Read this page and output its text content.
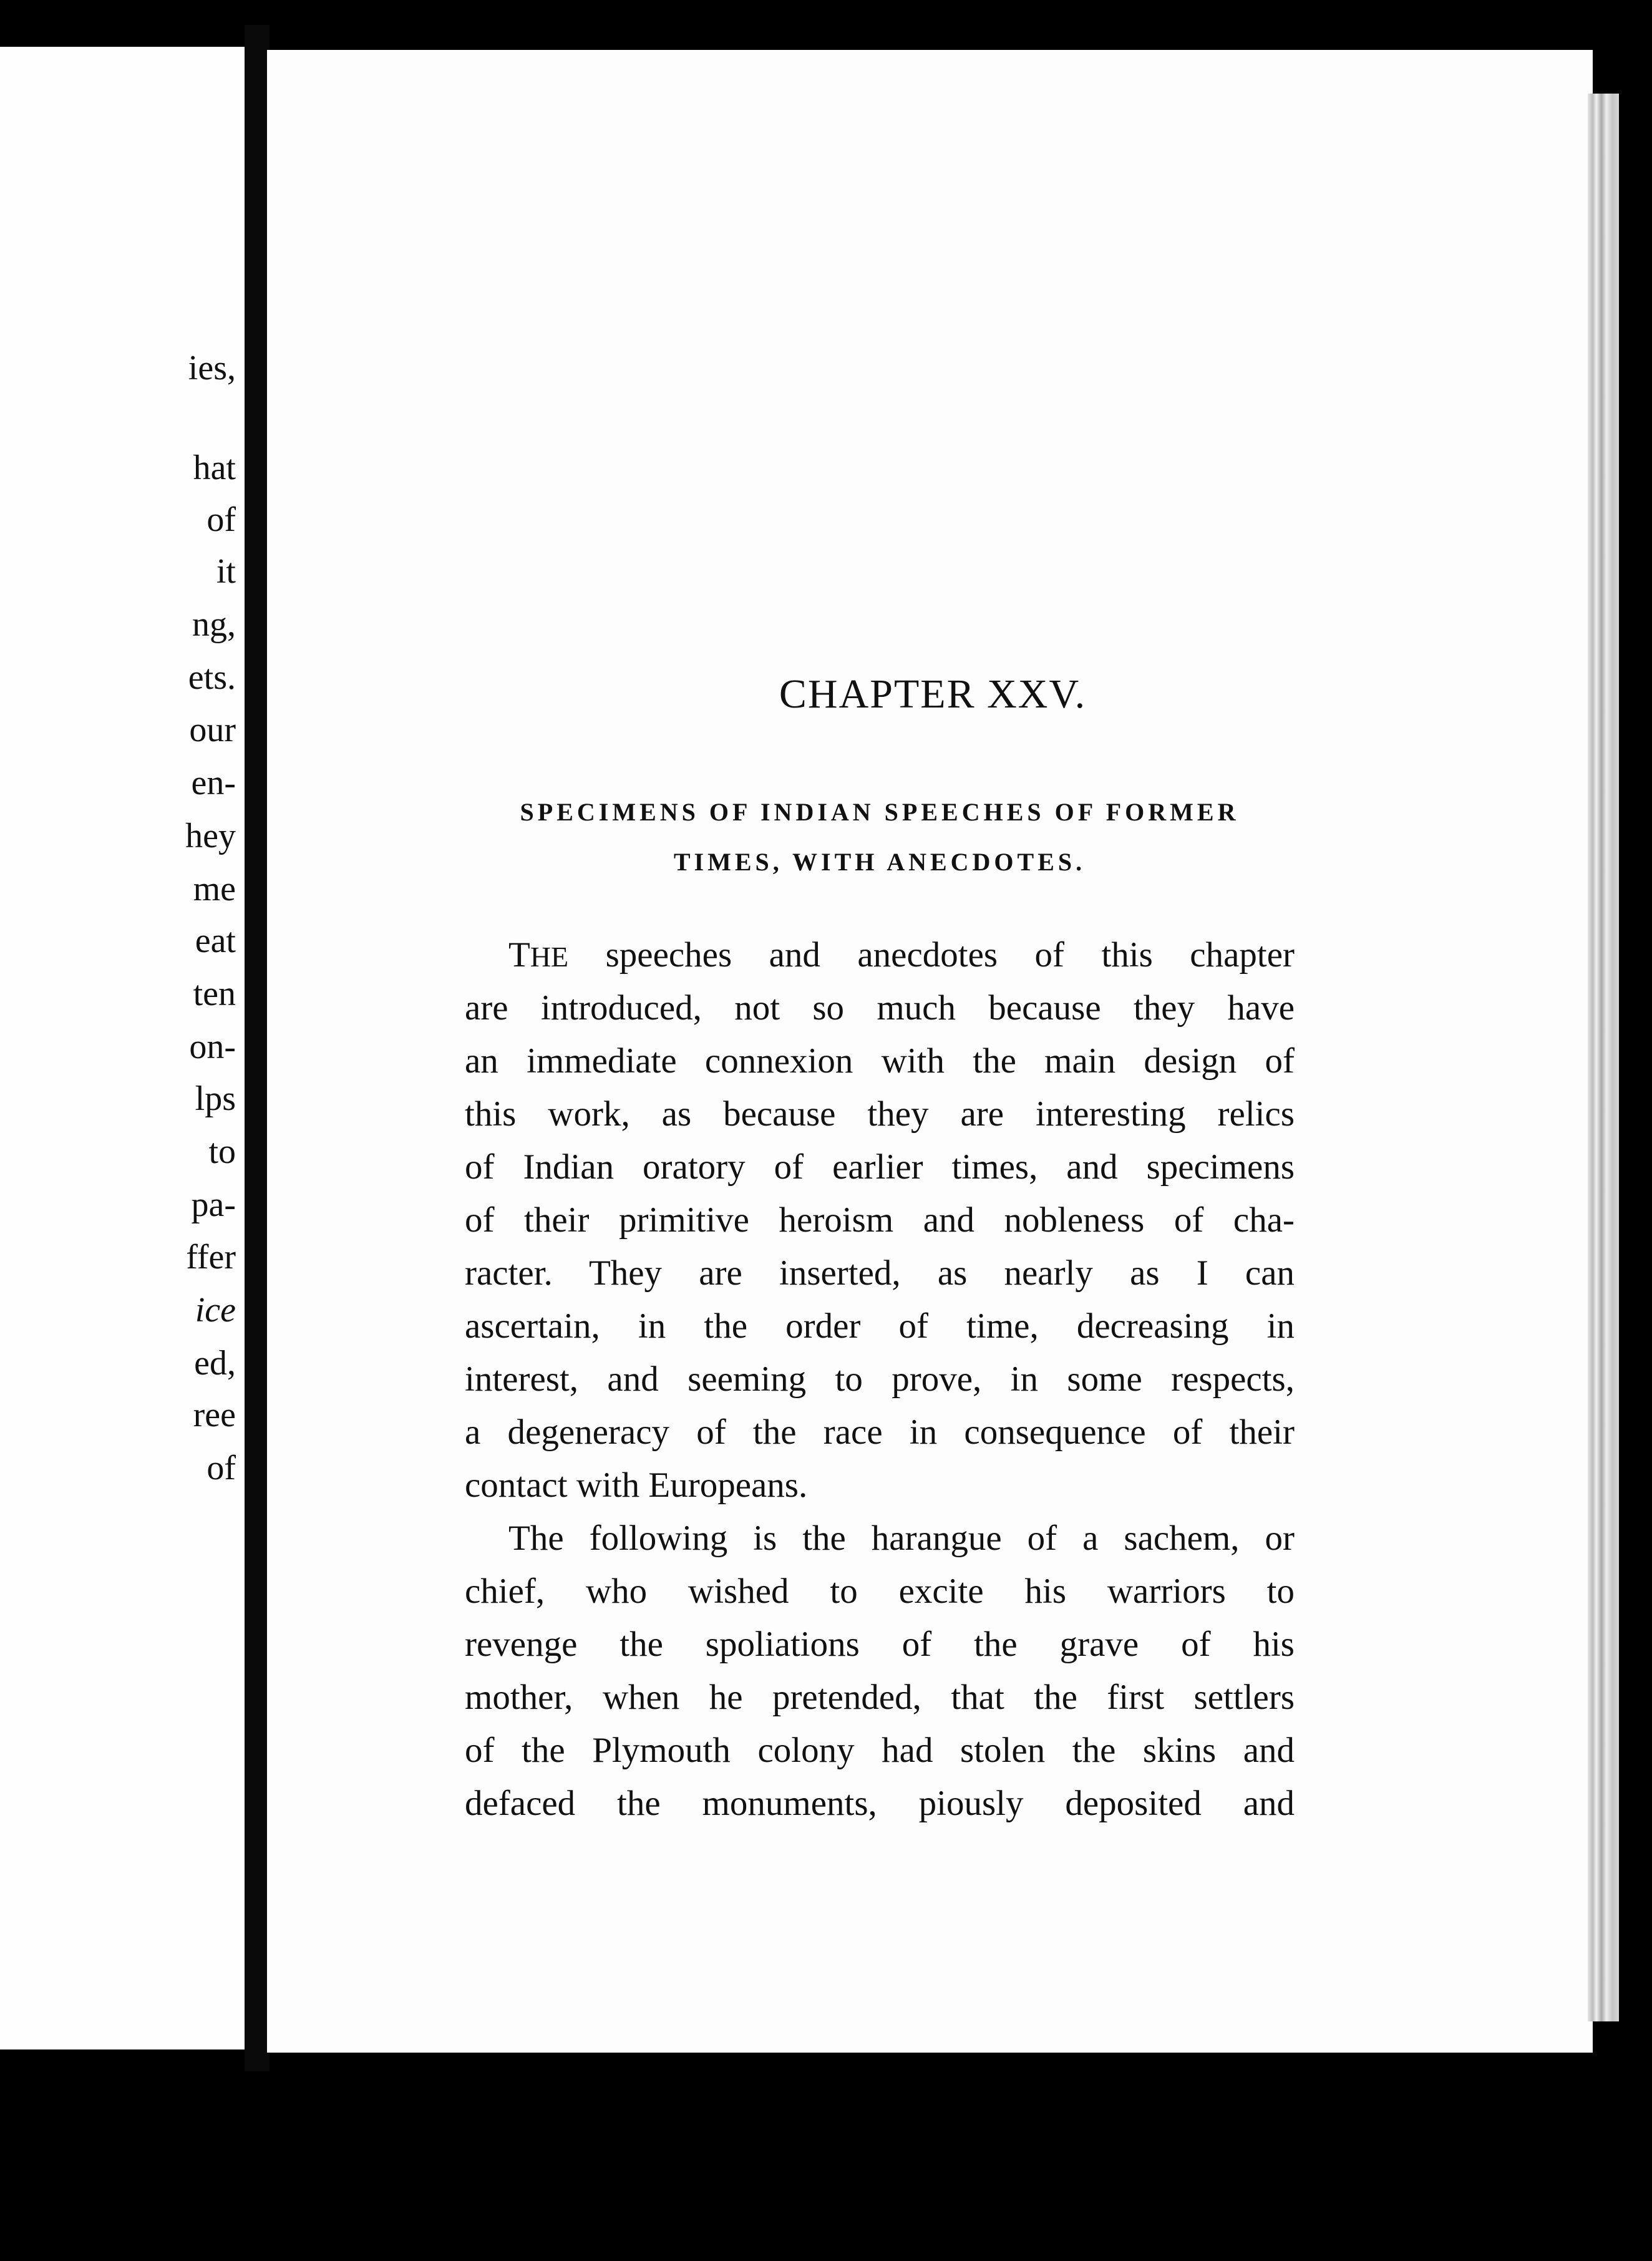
ies,
hat
of
it
ng,
ets.
our
en-
hey
me
eat
ten
on-
lps
to
pa-
ffer
ice
ed,
ree
of
CHAPTER XXV.
SPECIMENS OF INDIAN SPEECHES OF FORMER
TIMES, WITH ANECDOTES.
THE speeches and anecdotes of this chapter
are introduced, not so much because they have
an immediate connexion with the main design of
this work, as because they are interesting relics
of Indian oratory of earlier times, and specimens
of their primitive heroism and nobleness of cha-
racter. They are inserted, as nearly as I can
ascertain, in the order of time, decreasing in
interest, and seeming to prove, in some respects,
a degeneracy of the race in consequence of their
contact with Europeans.
The following is the harangue of a sachem, or
chief, who wished to excite his warriors to
revenge the spoliations of the grave of his
mother, when he pretended, that the first settlers
of the Plymouth colony had stolen the skins and
defaced the monuments, piously deposited and
